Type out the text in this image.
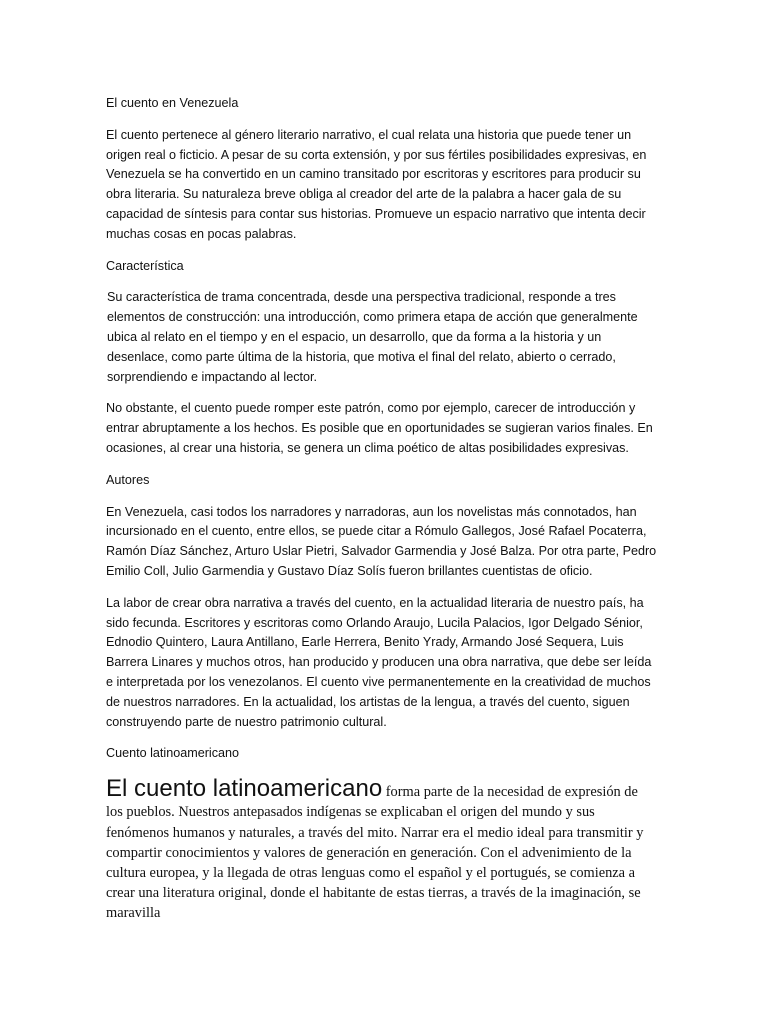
El cuento en Venezuela

El cuento pertenece al género literario narrativo, el cual relata una historia que puede tener un origen real o ficticio. A pesar de su corta extensión, y por sus fértiles posibilidades expresivas, en Venezuela se ha convertido en un camino transitado por escritoras y escritores para producir su obra literaria. Su naturaleza breve obliga al creador del arte de la palabra a hacer gala de su capacidad de síntesis para contar sus historias. Promueve un espacio narrativo que intenta decir muchas cosas en pocas palabras.

Característica

Su característica de trama concentrada, desde una perspectiva tradicional, responde a tres elementos de construcción: una introducción, como primera etapa de acción que generalmente ubica al relato en el tiempo y en el espacio, un desarrollo, que da forma a la historia y un desenlace, como parte última de la historia, que motiva el final del relato, abierto o cerrado, sorprendiendo e impactando al lector.

No obstante, el cuento puede romper este patrón, como por ejemplo, carecer de introducción y entrar abruptamente a los hechos. Es posible que en oportunidades se sugieran varios finales. En ocasiones, al crear una historia, se genera un clima poético de altas posibilidades expresivas.

Autores

En Venezuela, casi todos los narradores y narradoras, aun los novelistas más connotados, han incursionado en el cuento, entre ellos, se puede citar a Rómulo Gallegos, José Rafael Pocaterra, Ramón Díaz Sánchez, Arturo Uslar Pietri, Salvador Garmendia y José Balza. Por otra parte, Pedro Emilio Coll, Julio Garmendia y Gustavo Díaz Solís fueron brillantes cuentistas de oficio.

La labor de crear obra narrativa a través del cuento, en la actualidad literaria de nuestro país, ha sido fecunda. Escritores y escritoras como Orlando Araujo, Lucila Palacios, Igor Delgado Sénior, Ednodio Quintero, Laura Antillano, Earle Herrera, Benito Yrady, Armando José Sequera, Luis Barrera Linares y muchos otros, han producido y producen una obra narrativa, que debe ser leída e interpretada por los venezolanos. El cuento vive permanentemente en la creatividad de muchos de nuestros narradores. En la actualidad, los artistas de la lengua, a través del cuento, siguen construyendo parte de nuestro patrimonio cultural.

Cuento latinoamericano

El cuento latinoamericano forma parte de la necesidad de expresión de los pueblos. Nuestros antepasados indígenas se explicaban el origen del mundo y sus fenómenos humanos y naturales, a través del mito. Narrar era el medio ideal para transmitir y compartir conocimientos y valores de generación en generación. Con el advenimiento de la cultura europea, y la llegada de otras lenguas como el español y el portugués, se comienza a crear una literatura original, donde el habitante de estas tierras, a través de la imaginación, se maravilla
